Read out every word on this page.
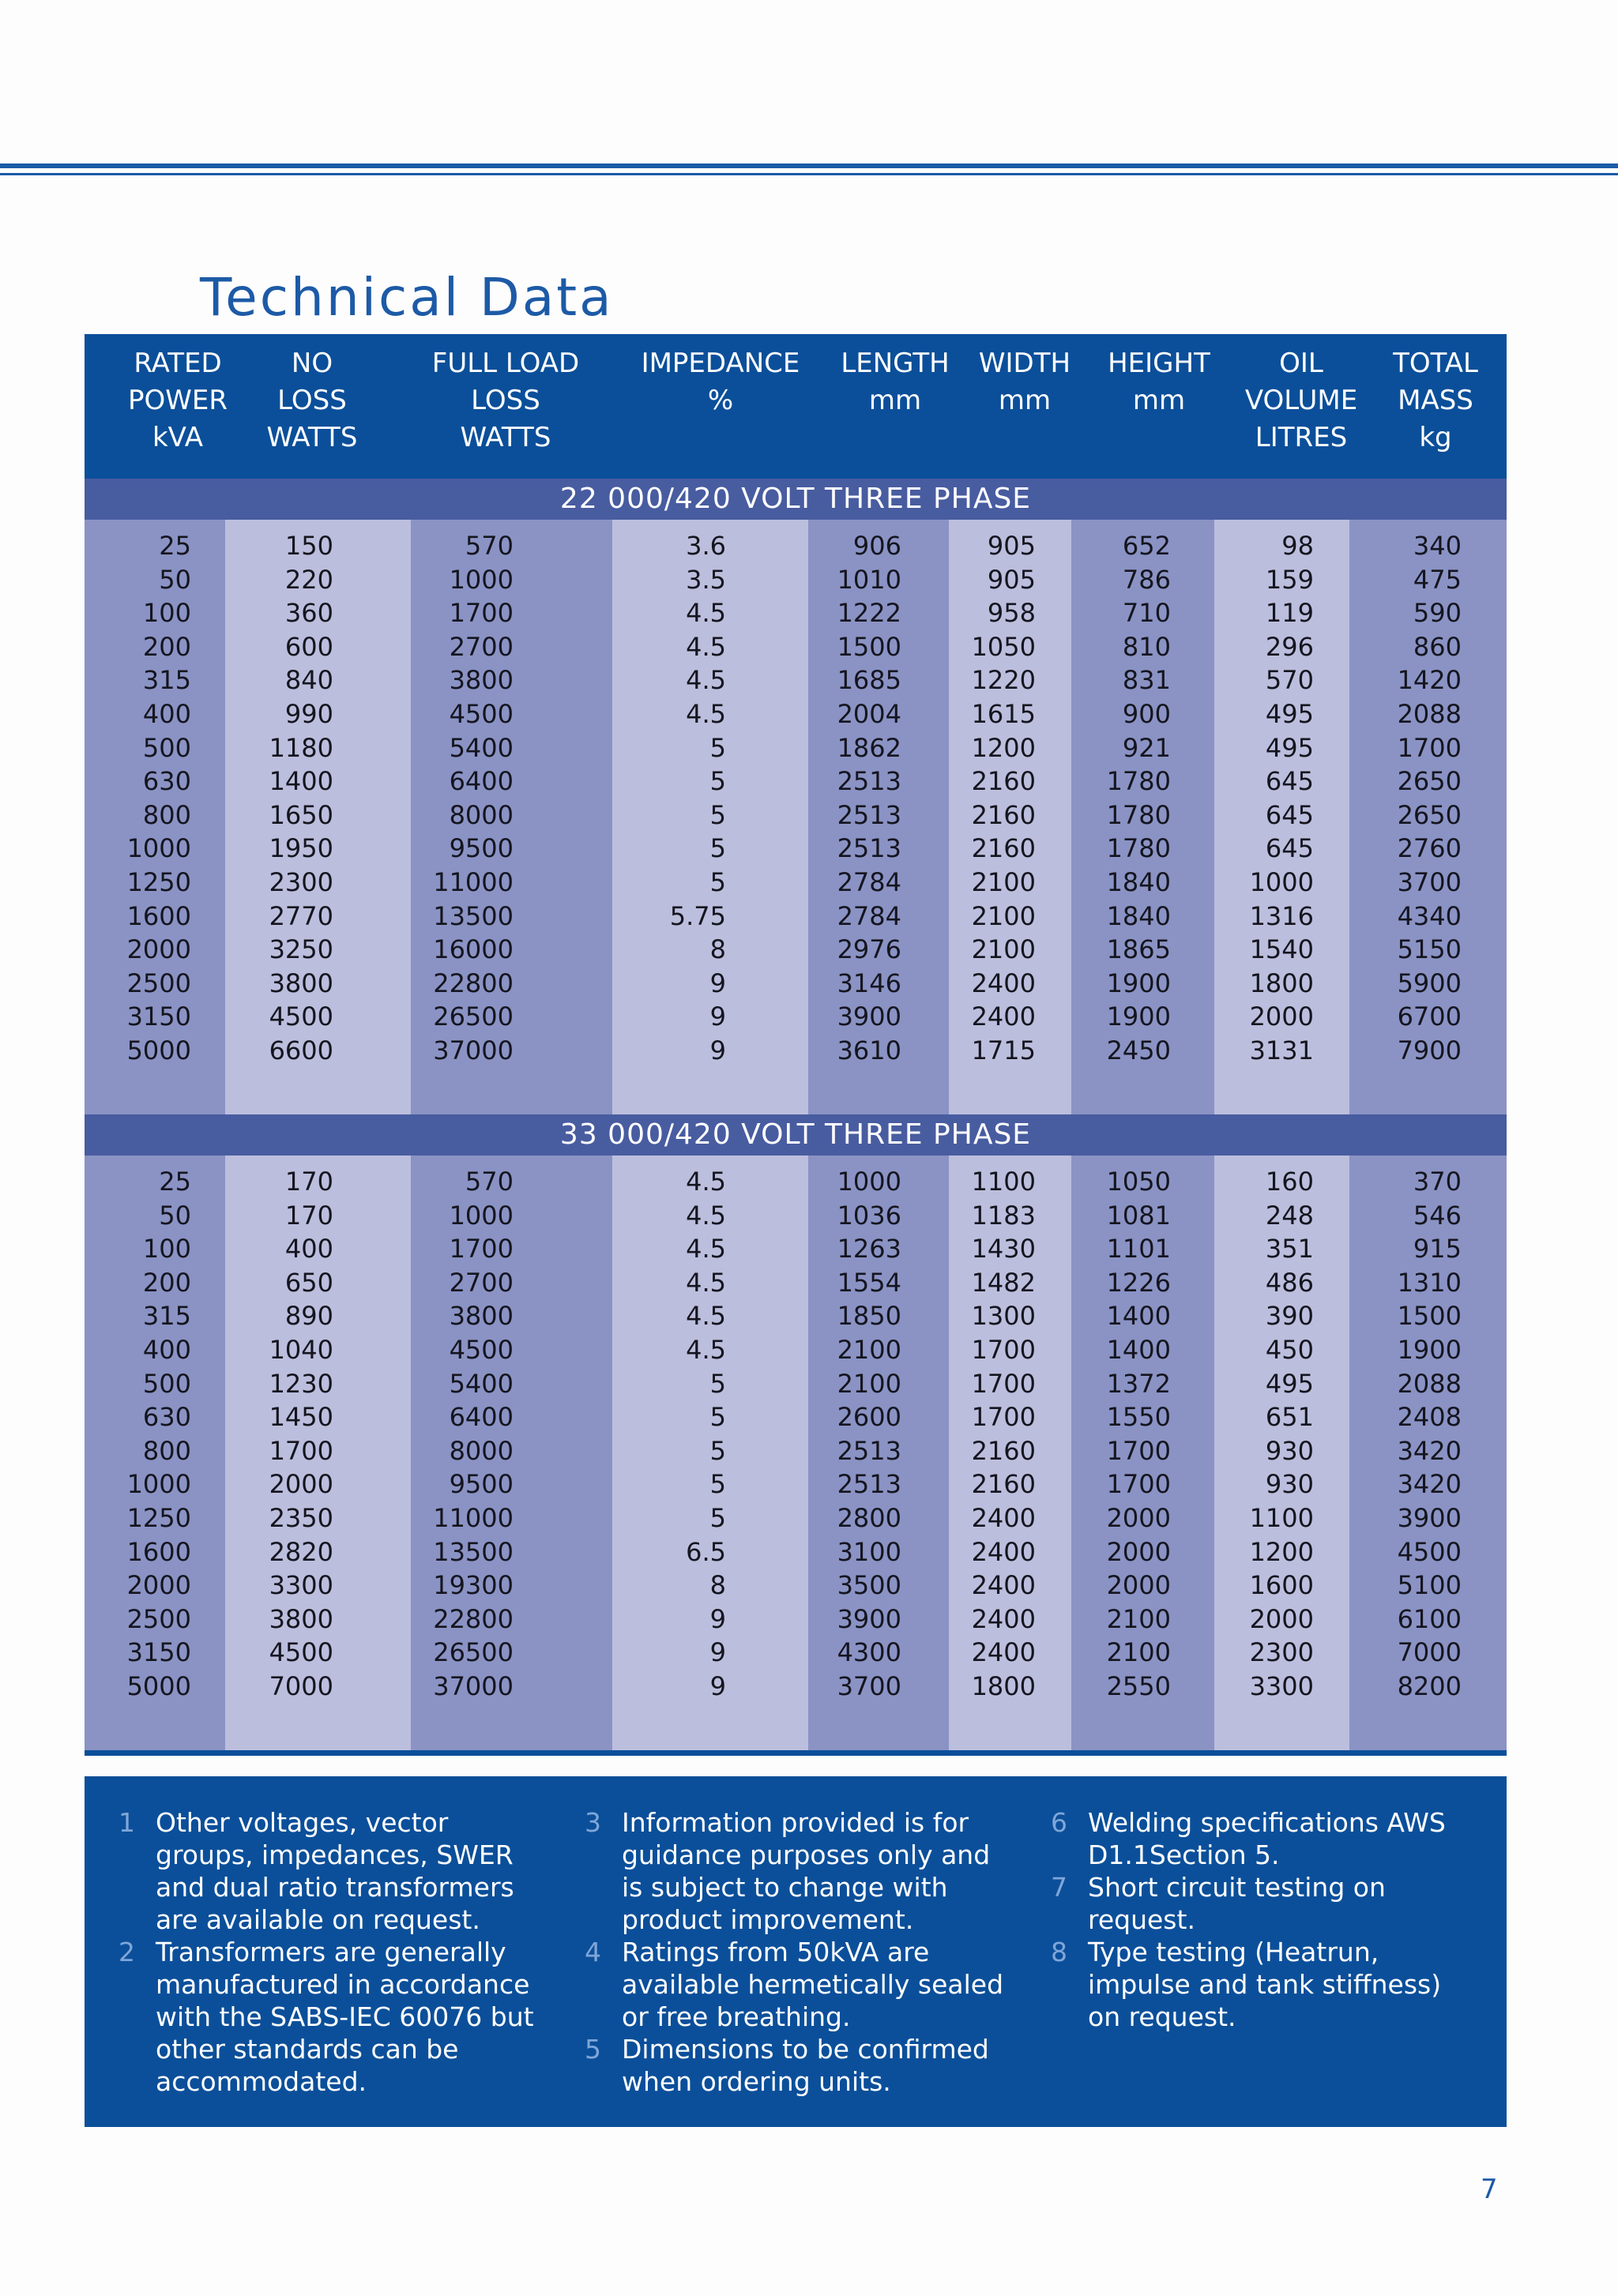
Technical Data
RATED
POWER
kVA
NO
LOSS
WATTS
FULL LOAD
LOSS
WATTS
IMPEDANCE
%
LENGTH
mm
WIDTH
mm
HEIGHT
mm
OIL
VOLUME
LITRES
TOTAL
MASS
kg
22 000/420 VOLT THREE PHASE
25
50
100
200
315
400
500
630
800
1000
1250
1600
2000
2500
3150
5000
150
220
360
600
840
990
1180
1400
1650
1950
2300
2770
3250
3800
4500
6600
570
1000
1700
2700
3800
4500
5400
6400
8000
9500
11000
13500
16000
22800
26500
37000
3.6
3.5
4.5
4.5
4.5
4.5
5
5
5
5
5
5.75
8
9
9
9
906
1010
1222
1500
1685
2004
1862
2513
2513
2513
2784
2784
2976
3146
3900
3610
905
905
958
1050
1220
1615
1200
2160
2160
2160
2100
2100
2100
2400
2400
1715
652
786
710
810
831
900
921
1780
1780
1780
1840
1840
1865
1900
1900
2450
98
159
119
296
570
495
495
645
645
645
1000
1316
1540
1800
2000
3131
340
475
590
860
1420
2088
1700
2650
2650
2760
3700
4340
5150
5900
6700
7900
33 000/420 VOLT THREE PHASE
25
50
100
200
315
400
500
630
800
1000
1250
1600
2000
2500
3150
5000
170
170
400
650
890
1040
1230
1450
1700
2000
2350
2820
3300
3800
4500
7000
570
1000
1700
2700
3800
4500
5400
6400
8000
9500
11000
13500
19300
22800
26500
37000
4.5
4.5
4.5
4.5
4.5
4.5
5
5
5
5
5
6.5
8
9
9
9
1000
1036
1263
1554
1850
2100
2100
2600
2513
2513
2800
3100
3500
3900
4300
3700
1100
1183
1430
1482
1300
1700
1700
1700
2160
2160
2400
2400
2400
2400
2400
1800
1050
1081
1101
1226
1400
1400
1372
1550
1700
1700
2000
2000
2000
2100
2100
2550
160
248
351
486
390
450
495
651
930
930
1100
1200
1600
2000
2300
3300
370
546
915
1310
1500
1900
2088
2408
3420
3420
3900
4500
5100
6100
7000
8200
1 Other voltages, vector groups, impedances, SWER and dual ratio transformers are available on request.
2 Transformers are generally manufactured in accordance with the SABS-IEC 60076 but other standards can be accommodated.
3 Information provided is for guidance purposes only and is subject to change with product improvement.
4 Ratings from 50kVA are available hermetically sealed or free breathing.
5 Dimensions to be confirmed when ordering units.
6 Welding specifications AWS D1.1Section 5.
7 Short circuit testing on request.
8 Type testing (Heatrun, impulse and tank stiffness) on request.
7
